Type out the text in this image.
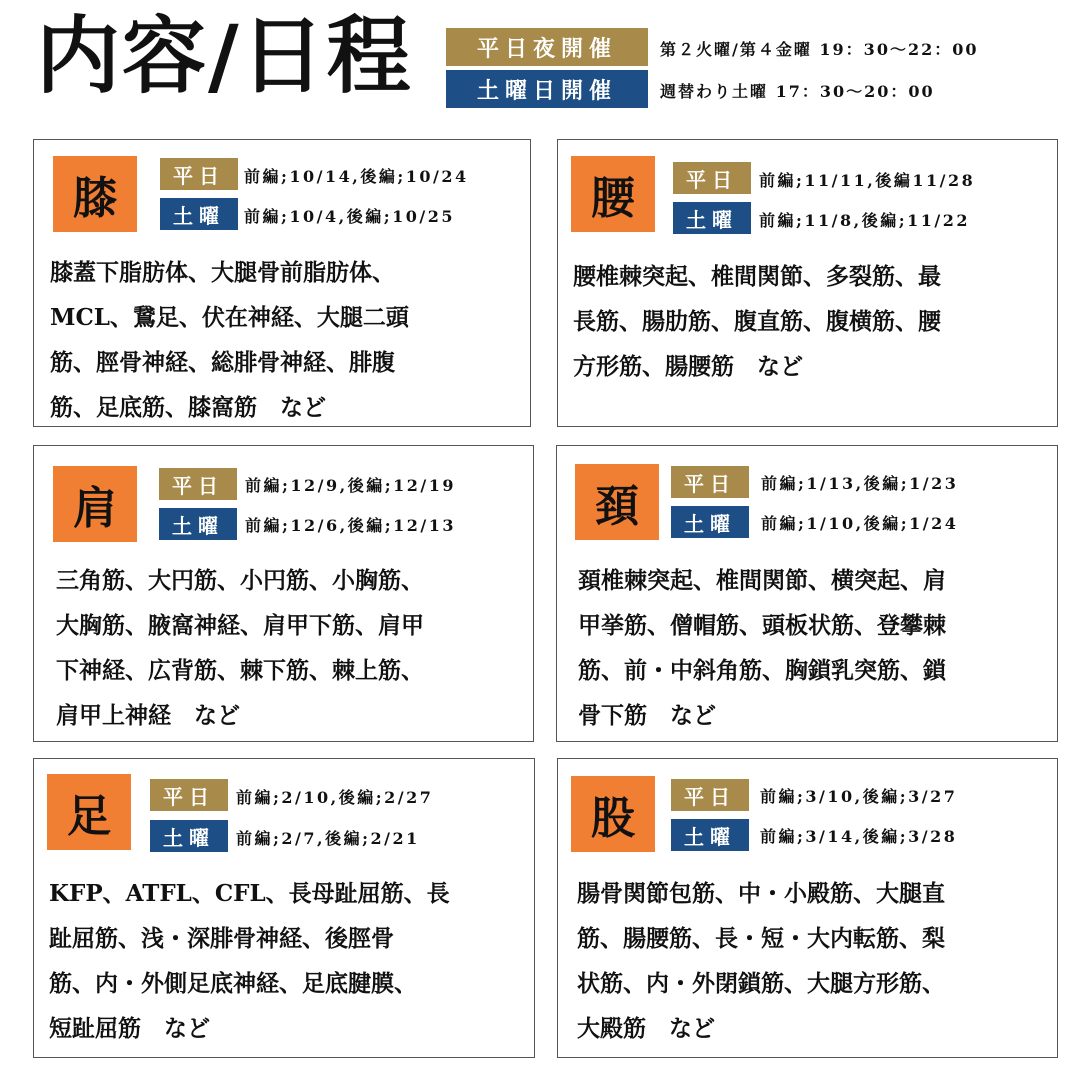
内容/日程	平日夜開催
土曜日開催
第２火曜/第４金曜 19：30〜22：00
週替わり土曜 17：30〜20：00
膝	平日	前編;10/14,後編;10/24
土曜	前編;10/4,後編;10/25
膝蓋下脂肪体、大腿骨前脂肪体、
MCL、鵞足、伏在神経、大腿二頭
筋、脛骨神経、総腓骨神経、腓腹
筋、足底筋、膝窩筋　など
腰	平日	前編;11/11,後編11/28
土曜	前編;11/8,後編;11/22
腰椎棘突起、椎間関節、多裂筋、最
長筋、腸肋筋、腹直筋、腹横筋、腰
方形筋、腸腰筋　など
肩	平日	前編;12/9,後編;12/19
土曜	前編;12/6,後編;12/13
三角筋、大円筋、小円筋、小胸筋、
大胸筋、腋窩神経、肩甲下筋、肩甲
下神経、広背筋、棘下筋、棘上筋、
肩甲上神経　など
頚	平日	前編;1/13,後編;1/23
土曜	前編;1/10,後編;1/24
頚椎棘突起、椎間関節、横突起、肩
甲挙筋、僧帽筋、頭板状筋、登攀棘
筋、前・中斜角筋、胸鎖乳突筋、鎖
骨下筋　など
足	平日	前編;2/10,後編;2/27
土曜	前編;2/7,後編;2/21
KFP、ATFL、CFL、長母趾屈筋、長
趾屈筋、浅・深腓骨神経、後脛骨
筋、内・外側足底神経、足底腱膜、
短趾屈筋　など
股	平日	前編;3/10,後編;3/27
土曜	前編;3/14,後編;3/28
腸骨関節包筋、中・小殿筋、大腿直
筋、腸腰筋、長・短・大内転筋、梨
状筋、内・外閉鎖筋、大腿方形筋、
大殿筋　など
